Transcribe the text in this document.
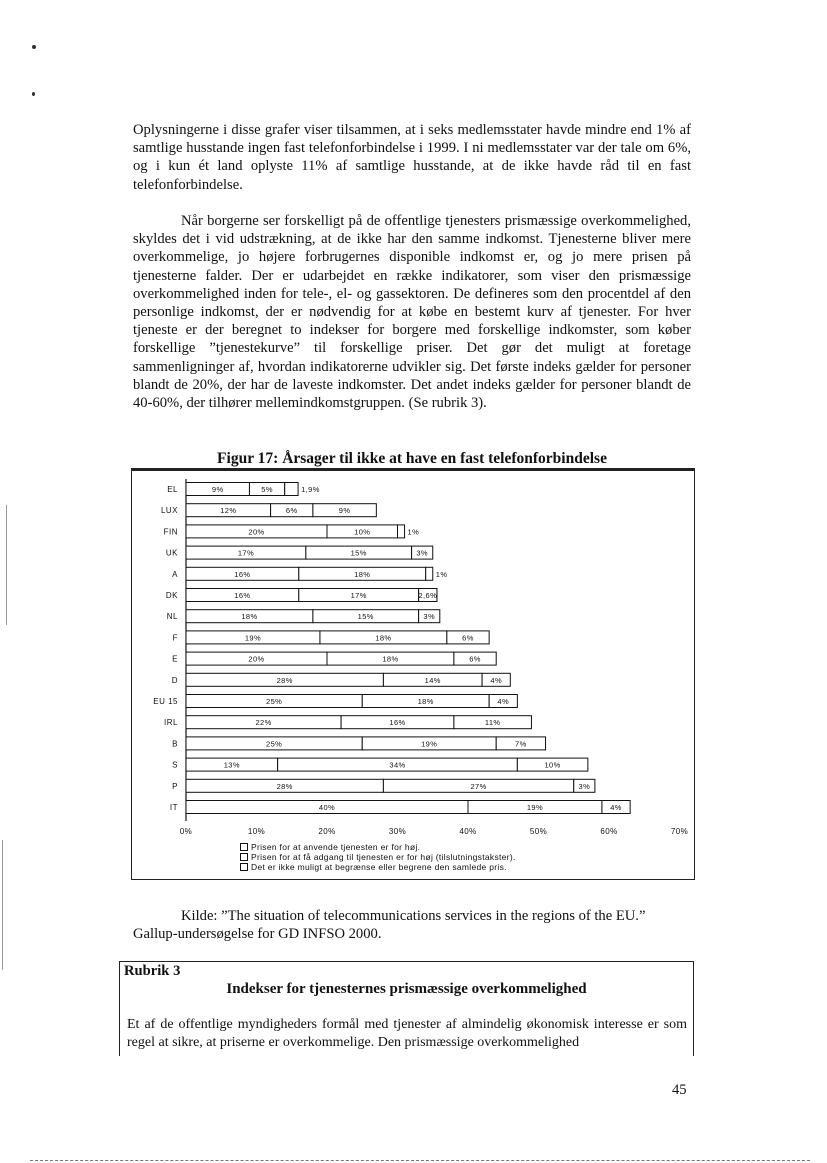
Oplysningerne i disse grafer viser tilsammen, at i seks medlemsstater havde mindre end 1% af samtlige husstande ingen fast telefonforbindelse i 1999. I ni medlemsstater var der tale om 6%, og i kun ét land oplyste 11% af samtlige husstande, at de ikke havde råd til en fast telefonforbindelse.

Når borgerne ser forskelligt på de offentlige tjenesters prismæssige overkommelighed, skyldes det i vid udstrækning, at de ikke har den samme indkomst. Tjenesterne bliver mere overkommelige, jo højere forbrugernes disponible indkomst er, og jo mere prisen på tjenesterne falder. Der er udarbejdet en række indikatorer, som viser den prismæssige overkommelighed inden for tele-, el- og gassektoren. De defineres som den procentdel af den personlige indkomst, der er nødvendig for at købe en bestemt kurv af tjenester. For hver tjeneste er der beregnet to indekser for borgere med forskellige indkomster, som køber forskellige ”tjenestekurve” til forskellige priser. Det gør det muligt at foretage sammenligninger af, hvordan indikatorerne udvikler sig. Det første indeks gælder for personer blandt de 20%, der har de laveste indkomster. Det andet indeks gælder for personer blandt de 40-60%, der tilhører mellemindkomstgruppen. (Se rubrik 3).

Figur 17: Årsager til ikke at have en fast telefonforbindelse

EL	9%	5%	1,9%
LUX	12%	6%	9%
FIN	20%	10%	1%
UK	17%	15%	3%
A	16%	18%	1%
DK	16%	17%	2,6%
NL	18%	15%	3%
F	19%	18%	6%
E	20%	18%	6%
D	28%	14%	4%
EU 15	25%	18%	4%
IRL	22%	16%	11%
B	25%	19%	7%
S	13%	34%	10%
P	28%	27%	3%
IT	40%	19%	4%
0%	10%	20%	30%	40%	50%	60%	70%
Prisen for at anvende tjenesten er for høj.
Prisen for at få adgang til tjenesten er for høj (tilslutningstakster).
Det er ikke muligt at begrænse eller begrene den samlede pris.

Kilde: ”The situation of telecommunications services in the regions of the EU.” Gallup-undersøgelse for GD INFSO 2000.

Rubrik 3
Indekser for tjenesternes prismæssige overkommelighed

Et af de offentlige myndigheders formål med tjenester af almindelig økonomisk interesse er som regel at sikre, at priserne er overkommelige. Den prismæssige overkommelighed

45
